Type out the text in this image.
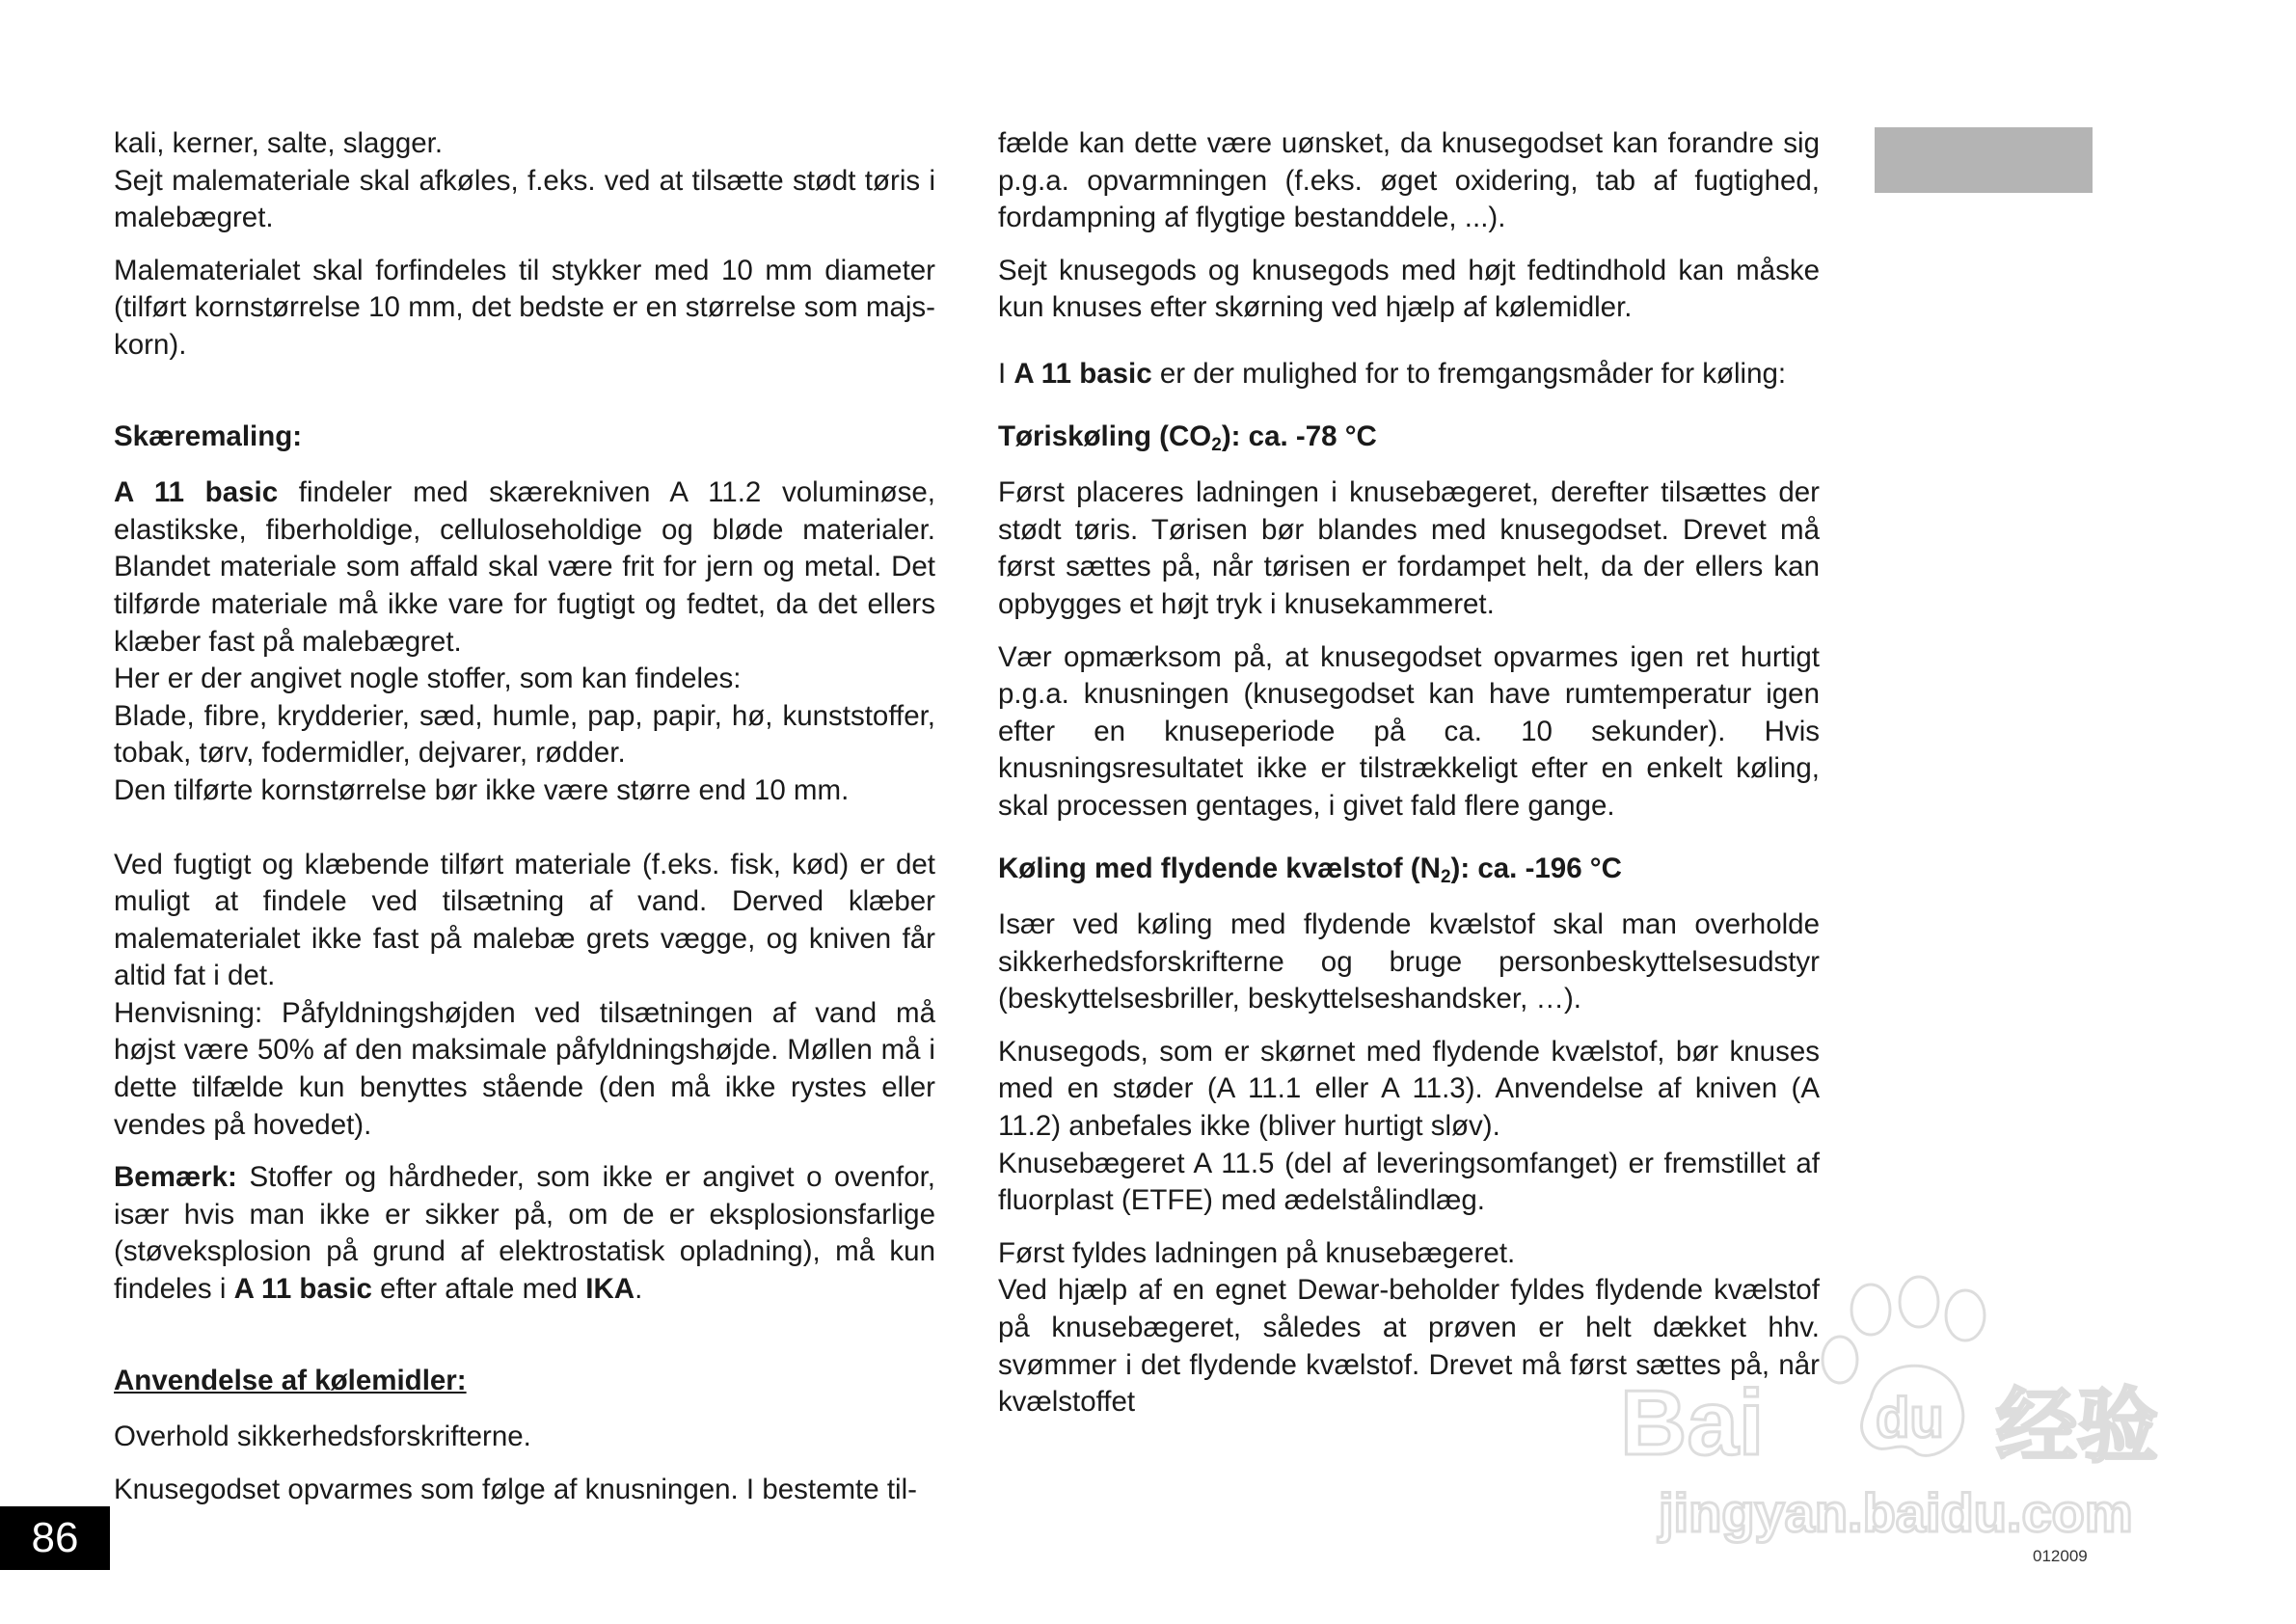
kali, kerner, salte, slagger.
Sejt malemateriale skal afkøles, f.eks. ved at tilsætte stødt tøris i malebægret.

Malematerialet skal forfindeles til stykker med 10 mm diameter (tilført kornstørrelse 10 mm, det bedste er en størrelse som majs-korn).

Skæremaling:

A 11 basic findeler med skærekniven A 11.2 voluminøse, elastikske, fiberholdige, celluloseholdige og bløde materialer. Blandet materiale som affald skal være frit for jern og metal. Det tilførde materiale må ikke vare for fugtigt og fedtet, da det ellers klæber fast på malebægret.
Her er der angivet nogle stoffer, som kan findeles:
Blade, fibre, krydderier, sæd, humle, pap, papir, hø, kunststoffer, tobak, tørv, fodermidler, dejvarer, rødder.
Den tilførte kornstørrelse bør ikke være større end 10 mm.

Ved fugtigt og klæbende tilført materiale (f.eks. fisk, kød) er det muligt at findele ved tilsætning af vand. Derved klæber malematerialet ikke fast på malebæ grets vægge, og kniven får altid fat i det.
Henvisning: Påfyldningshøjden ved tilsætningen af vand må højst være 50% af den maksimale påfyldningshøjde. Møllen må i dette tilfælde kun benyttes stående (den må ikke rystes eller vendes på hovedet).

Bemærk: Stoffer og hårdheder, som ikke er angivet o ovenfor, især hvis man ikke er sikker på, om de er eksplosionsfarlige (støveksplosion på grund af elektrostatisk opladning), må kun findeles i A 11 basic efter aftale med IKA.

Anvendelse af kølemidler:

Overhold sikkerhedsforskrifterne.

Knusegodset opvarmes som følge af knusningen. I bestemte til-

fælde kan dette være uønsket, da knusegodset kan forandre sig p.g.a. opvarmningen (f.eks. øget oxidering, tab af fugtighed, fordampning af flygtige bestanddele, ...).

Sejt knusegods og knusegods med højt fedtindhold kan måske kun knuses efter skørning ved hjælp af kølemidler.

I A 11 basic er der mulighed for to fremgangsmåder for køling:

Tøriskøling $(CO_2)$: ca. -78 °C

Først placeres ladningen i knusebægeret, derefter tilsættes der stødt tøris. Tørisen bør blandes med knusegodset. Drevet må først sættes på, når tørisen er fordampet helt, da der ellers kan opbygges et højt tryk i knusekammeret.

Vær opmærksom på, at knusegodset opvarmes igen ret hurtigt p.g.a. knusningen (knusegodset kan have rumtemperatur igen efter en knuseperiode på ca. 10 sekunder). Hvis knusningsresultatet ikke er tilstrækkeligt efter en enkelt køling, skal processen gentages, i givet fald flere gange.

Køling med flydende kvælstof $(N_2)$: ca. -196 °C

Især ved køling med flydende kvælstof skal man overholde sikkerhedsforskrifterne og bruge personbeskyttelsesudstyr (beskyttelsesbriller, beskyttelseshandsker, …).

Knusegods, som er skørnet med flydende kvælstof, bør knuses med en støder (A 11.1 eller A 11.3). Anvendelse af kniven (A 11.2) anbefales ikke (bliver hurtigt sløv).
Knusebægeret A 11.5 (del af leveringsomfanget) er fremstillet af fluorplast (ETFE) med ædelstålindlæg.

Først fyldes ladningen på knusebægeret.
Ved hjælp af en egnet Dewar-beholder fyldes flydende kvælstof på knusebægeret, således at prøven er helt dækket hhv. svømmer i det flydende kvælstof. Drevet må først sættes på, når kvælstoffet

86	012009
Bai du 经验
jingyan.baidu.com
